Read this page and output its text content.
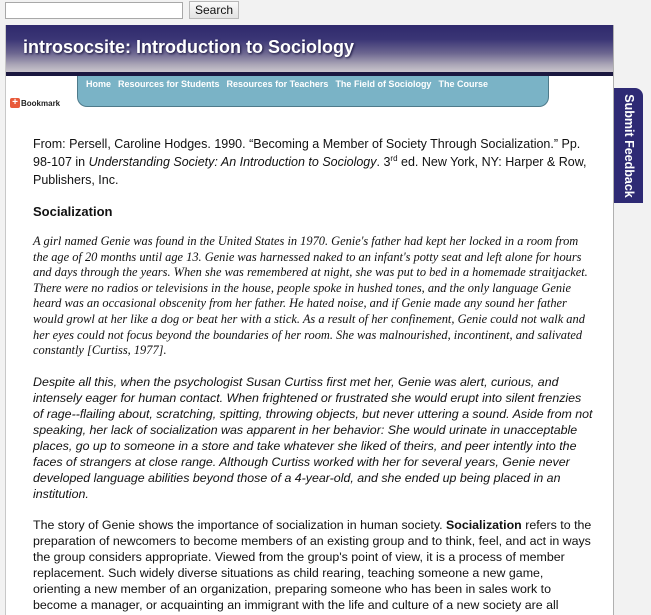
Search
introsocsite: Introduction to Sociology
Home Resources for Students Resources for Teachers The Field of Sociology The Course
+ Bookmark

From: Persell, Caroline Hodges. 1990. “Becoming a Member of Society Through Socialization.” Pp. 98-107 in Understanding Society: An Introduction to Sociology. 3rd ed. New York, NY: Harper & Row, Publishers, Inc.

Socialization

A girl named Genie was found in the United States in 1970. Genie's father had kept her locked in a room from the age of 20 months until age 13. Genie was harnessed naked to an infant's potty seat and left alone for hours and days through the years. When she was remembered at night, she was put to bed in a homemade straitjacket. There were no radios or televisions in the house, people spoke in hushed tones, and the only language Genie heard was an occasional obscenity from her father. He hated noise, and if Genie made any sound her father would growl at her like a dog or beat her with a stick. As a result of her confinement, Genie could not walk and her eyes could not focus beyond the boundaries of her room. She was malnourished, incontinent, and salivated constantly [Curtiss, 1977].

Despite all this, when the psychologist Susan Curtiss first met her, Genie was alert, curious, and intensely eager for human contact. When frightened or frustrated she would erupt into silent frenzies of rage--flailing about, scratching, spitting, throwing objects, but never uttering a sound. Aside from not speaking, her lack of socialization was apparent in her behavior: She would urinate in unacceptable places, go up to someone in a store and take whatever she liked of theirs, and peer intently into the faces of strangers at close range. Although Curtiss worked with her for several years, Genie never developed language abilities beyond those of a 4-year-old, and she ended up being placed in an institution.

The story of Genie shows the importance of socialization in human society. Socialization refers to the preparation of newcomers to become members of an existing group and to think, feel, and act in ways the group considers appropriate. Viewed from the group's point of view, it is a process of member replacement. Such widely diverse situations as child rearing, teaching someone a new game, orienting a new member of an organization, preparing someone who has been in sales work to become a manager, or acquainting an immigrant with the life and culture of a new society are all

Submit Feedback
